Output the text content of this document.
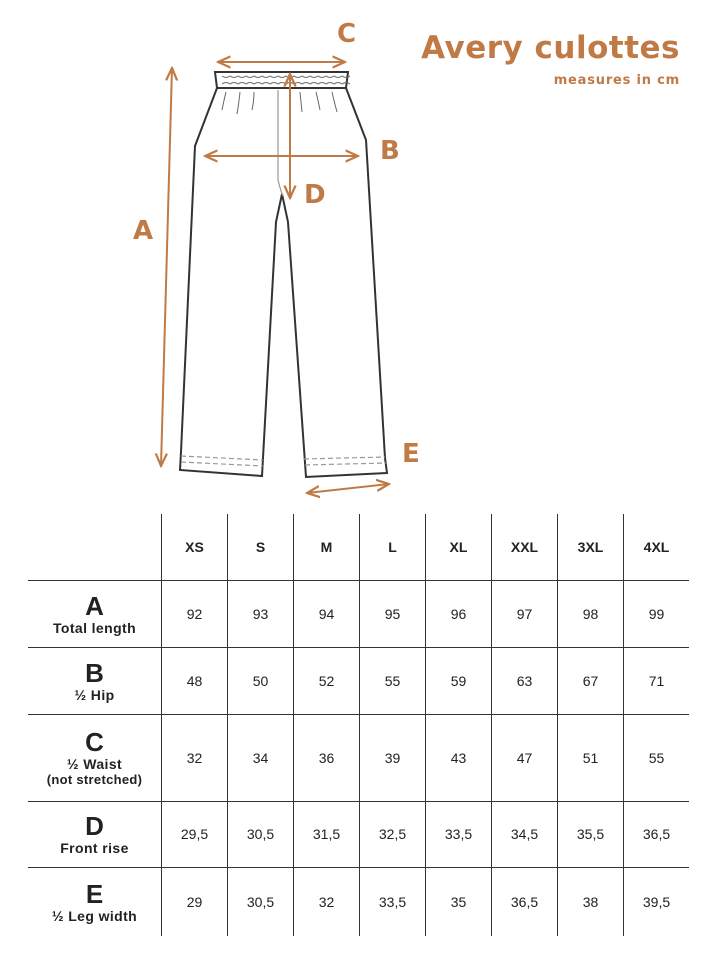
Avery culottes
measures in cm
A
B
C
D
E
	XS	S	M	L	XL	XXL	3XL	4XL

A
Total length	92	93	94	95	96	97	98	99

B
½ Hip	48	50	52	55	59	63	67	71

C
½ Waist
(not stretched)	32	34	36	39	43	47	51	55

D
Front rise	29,5	30,5	31,5	32,5	33,5	34,5	35,5	36,5

E
½ Leg width	29	30,5	32	33,5	35	36,5	38	39,5
